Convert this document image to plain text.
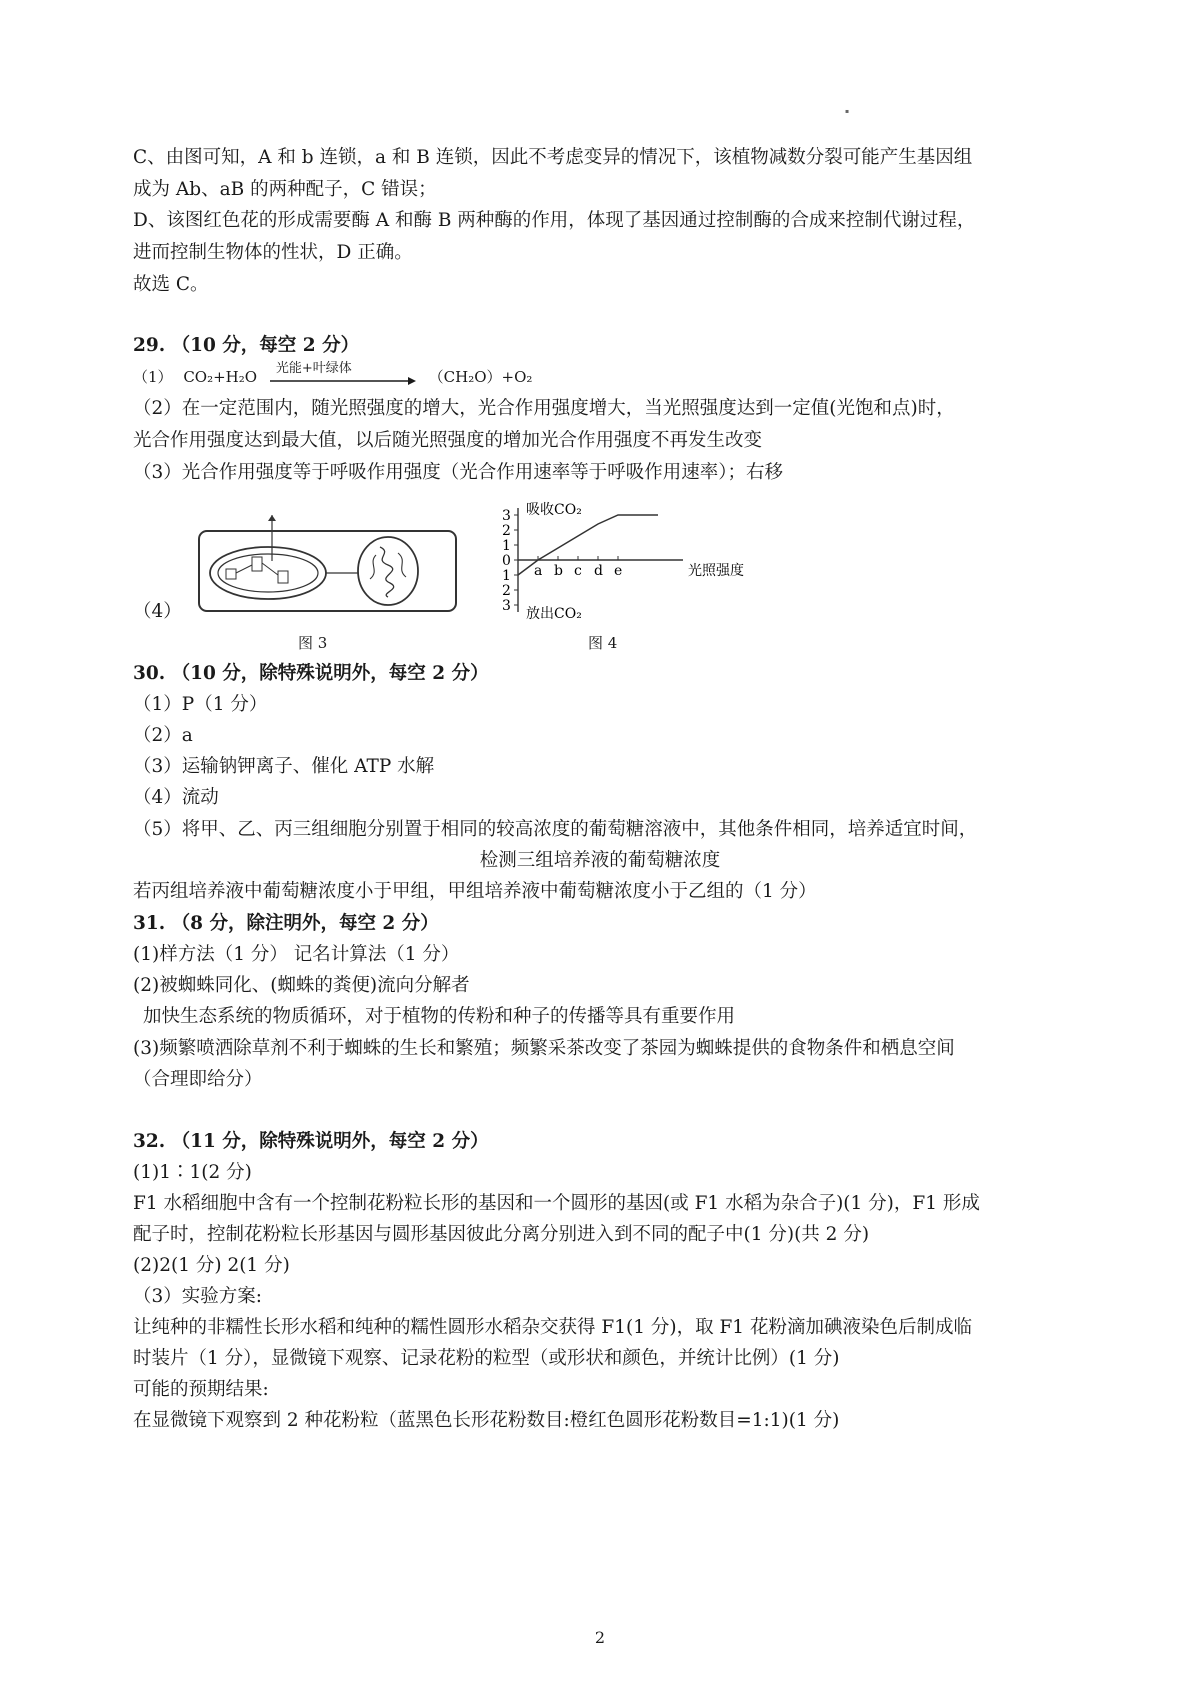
▪
C、由图可知，A 和 b 连锁，a 和 B 连锁，因此不考虑变异的情况下，该植物减数分裂可能产生基因组
成为 Ab、aB 的两种配子，C 错误；
D、该图红色花的形成需要酶 A 和酶 B 两种酶的作用，体现了基因通过控制酶的合成来控制代谢过程，
进而控制生物体的性状，D 正确。
故选 C。
29. （10 分，每空 2 分）
（1） CO₂+H₂O 光能+叶绿体	（CH₂O）+O₂
（2）在一定范围内，随光照强度的增大，光合作用强度增大，当光照强度达到一定值(光饱和点)时，
光合作用强度达到最大值，以后随光照强度的增加光合作用强度不再发生改变
（3）光合作用强度等于呼吸作用强度（光合作用速率等于呼吸作用速率）；右移
图 3
吸收CO₂
放出CO₂
光照强度
3
2
1
0
1
2
3
a b c d e
图 4
（4）
30. （10 分，除特殊说明外，每空 2 分）
（1）P（1 分）
（2）a
（3）运输钠钾离子、催化 ATP 水解
（4）流动
（5）将甲、乙、丙三组细胞分别置于相同的较高浓度的葡萄糖溶液中，其他条件相同，培养适宜时间，
检测三组培养液的葡萄糖浓度
若丙组培养液中葡萄糖浓度小于甲组，甲组培养液中葡萄糖浓度小于乙组的（1 分）
31. （8 分，除注明外，每空 2 分）
(1)样方法（1 分） 记名计算法（1 分）
(2)被蜘蛛同化、(蜘蛛的粪便)流向分解者
加快生态系统的物质循环，对于植物的传粉和种子的传播等具有重要作用
(3)频繁喷洒除草剂不利于蜘蛛的生长和繁殖；频繁采茶改变了茶园为蜘蛛提供的食物条件和栖息空间
（合理即给分）
32. （11 分，除特殊说明外，每空 2 分）
(1)1∶1(2 分)
F1 水稻细胞中含有一个控制花粉粒长形的基因和一个圆形的基因(或 F1 水稻为杂合子)(1 分)，F1 形成
配子时，控制花粉粒长形基因与圆形基因彼此分离分别进入到不同的配子中(1 分)(共 2 分)
(2)2(1 分) 2(1 分)
（3）实验方案:
让纯种的非糯性长形水稻和纯种的糯性圆形水稻杂交获得 F1(1 分)，取 F1 花粉滴加碘液染色后制成临
时装片（1 分），显微镜下观察、记录花粉的粒型（或形状和颜色，并统计比例）(1 分)
可能的预期结果:
在显微镜下观察到 2 种花粉粒（蓝黑色长形花粉数目:橙红色圆形花粉数目=1:1)(1 分)
2
